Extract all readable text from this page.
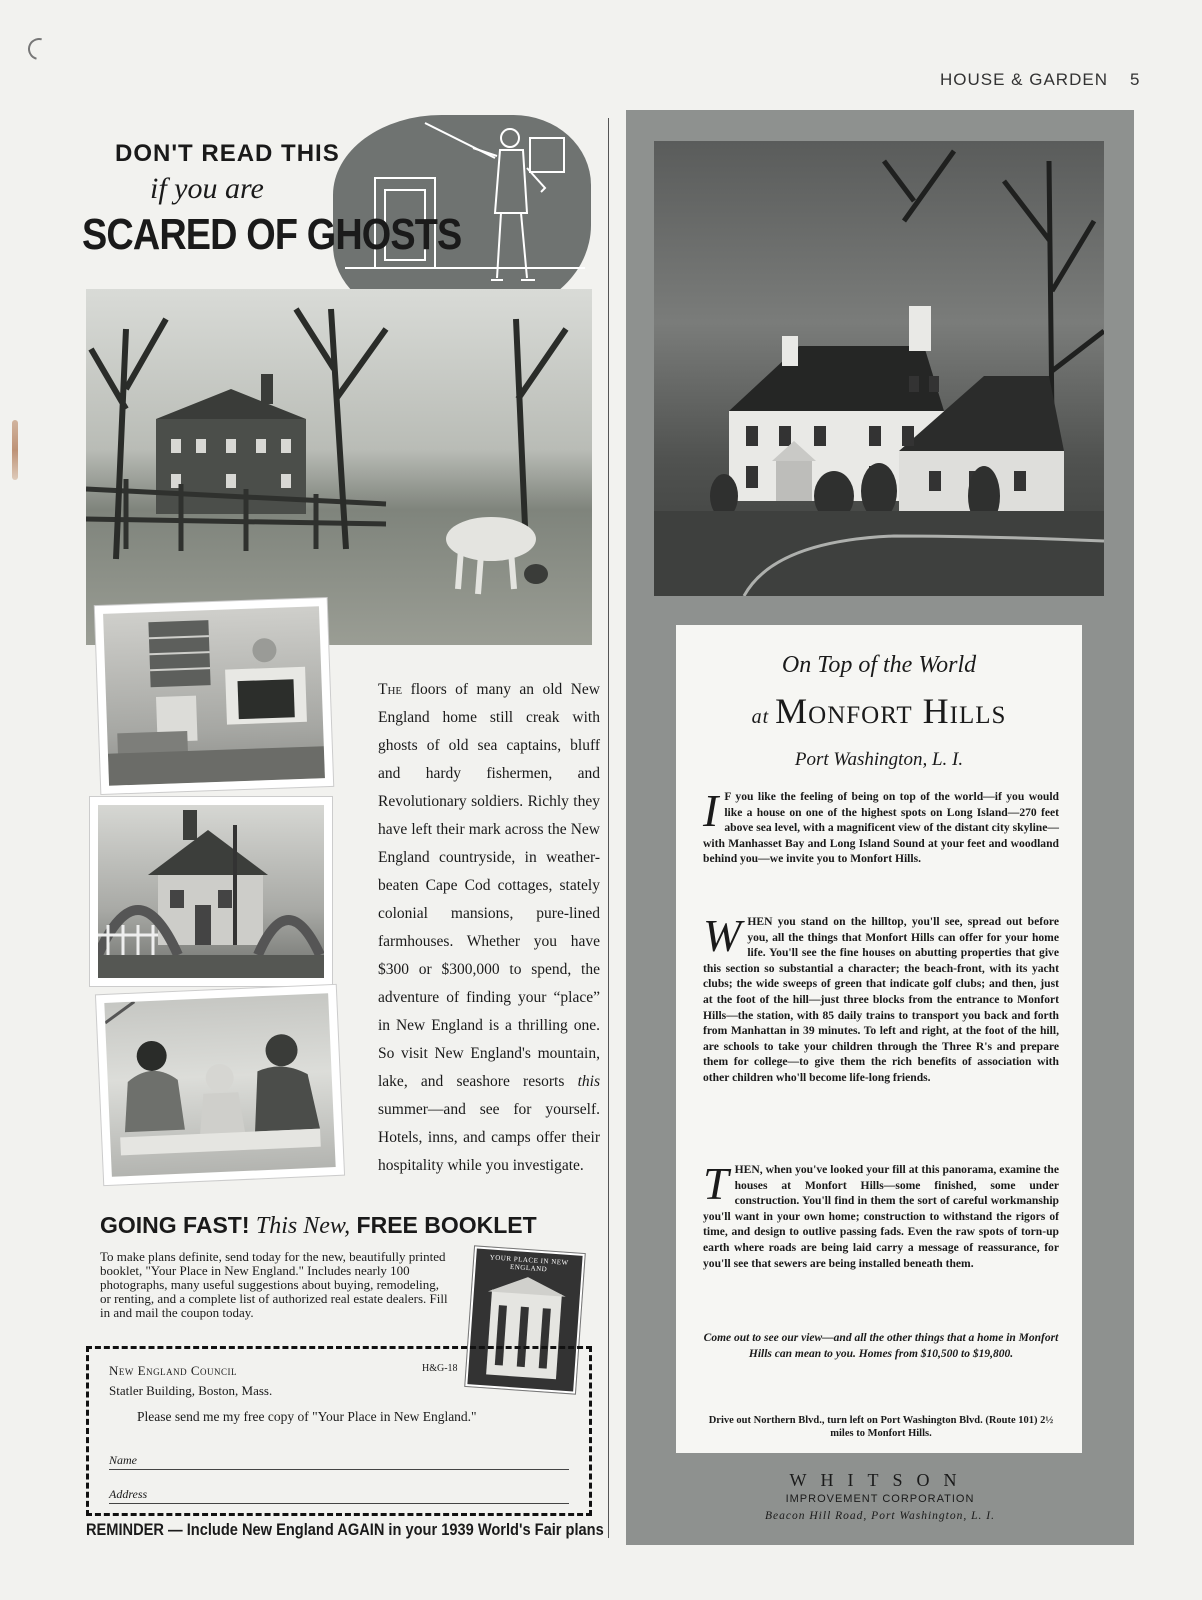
HOUSE & GARDEN 5
DON'T READ THIS
if you are
SCARED OF GHOSTS
The floors of many an old New England home still creak with ghosts of old sea captains, bluff and hardy fishermen, and Revolutionary soldiers. Richly they have left their mark across the New England countryside, in weather-beaten Cape Cod cottages, stately colonial mansions, pure-lined farmhouses. Whether you have $300 or $300,000 to spend, the adventure of finding your “place” in New England is a thrilling one. So visit New England's mountain, lake, and seashore resorts this summer—and see for yourself. Hotels, inns, and camps offer their hospitality while you investigate.
GOING FAST! This New, FREE BOOKLET
To make plans definite, send today for the new, beautifully printed booklet, "Your Place in New England." Includes nearly 100 photographs, many useful suggestions about buying, remodeling, or renting, and a complete list of authorized real estate dealers. Fill in and mail the coupon today.
YOUR PLACE IN NEW ENGLAND
New England Council	H&G-18
Statler Building, Boston, Mass.
Please send me my free copy of "Your Place in New England."
Name
Address
REMINDER — Include New England AGAIN in your 1939 World's Fair plans
On Top of the World
at Monfort Hills
Port Washington, L. I.
I F you like the feeling of being on top of the world—if you would like a house on one of the highest spots on Long Island—270 feet above sea level, with a magnificent view of the distant city skyline—with Manhasset Bay and Long Island Sound at your feet and woodland behind you—we invite you to Monfort Hills.
WHEN you stand on the hilltop, you'll see, spread out before you, all the things that Monfort Hills can offer for your home life. You'll see the fine houses on abutting properties that give this section so substantial a character; the beach-front, with its yacht clubs; the wide sweeps of green that indicate golf clubs; and then, just at the foot of the hill—just three blocks from the entrance to Monfort Hills—the station, with 85 daily trains to transport you back and forth from Manhattan in 39 minutes. To left and right, at the foot of the hill, are schools to take your children through the Three R's and prepare them for college—to give them the rich benefits of association with other children who'll become life-long friends.
THEN, when you've looked your fill at this panorama, examine the houses at Monfort Hills—some finished, some under construction. You'll find in them the sort of careful workmanship you'll want in your own home; construction to withstand the rigors of time, and design to outlive passing fads. Even the raw spots of torn-up earth where roads are being laid carry a message of reassurance, for you'll see that sewers are being installed beneath them.
Come out to see our view—and all the other things that a home in Monfort Hills can mean to you. Homes from $10,500 to $19,800.
Drive out Northern Blvd., turn left on Port Washington Blvd. (Route 101) 2½ miles to Monfort Hills.
WHITSON
IMPROVEMENT CORPORATION
Beacon Hill Road, Port Washington, L. I.
